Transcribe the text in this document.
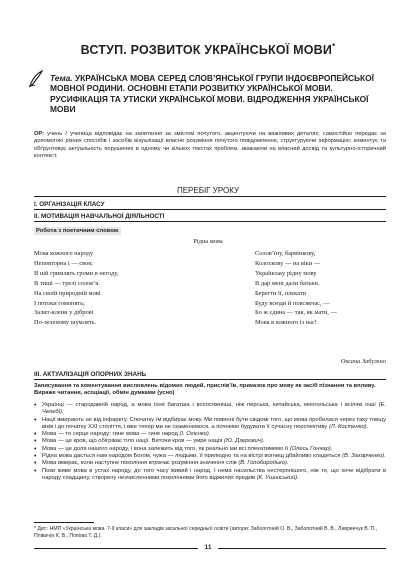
ВСТУП. РОЗВИТОК УКРАЇНСЬКОЇ МОВИ*
Тема. УКРАЇНСЬКА МОВА СЕРЕД СЛОВ’ЯНСЬКОЇ ГРУПИ ІНДОЄВРОПЕЙСЬКОЇ МОВНОЇ РОДИНИ. ОСНОВНІ ЕТАПИ РОЗВИТКУ УКРАЇНСЬКОЇ МОВИ. РУСИФІКАЦІЯ ТА УТИСКИ УКРАЇНСЬКОЇ МОВИ. ВІДРОДЖЕННЯ УКРАЇНСЬКОЇ МОВИ
ОР: учень / ученица відповідає на запитання за змістом почутого, акцентуючи на важливих деталях; самостійно передає за допомогою різних способів і засобів візуалізації власне розуміння почутого повідомлення, структуруючи інформацію; коментує та обґрунтовує актуальність порушених в одному чи кількох текстах проблем, зважаючи на власний досвід та культурно-історичний контекст.
ПЕРЕБІГ УРОКУ
І. ОРГАНІЗАЦІЯ КЛАСУ
ІІ. МОТИВАЦІЯ НАВЧАЛЬНОЇ ДІЯЛЬНОСТІ
Робота з поетичним словом
Рідна мова
Мова кожного народу
Неповторна і — своя;
В ній гримлять громи в негоду,
В тиші — трелі соловʼя.
На своїй природній мові
І потоки гомонять;
Залит-клени у діброві
По-зеленому шумлять.
Солов’їну, барвінкову,
Колоскову — на віки —
Українську рідну мову
В дар мені дали батьки.
Берегти її, плекати
Буду всюди й повсякчас, —
Бо ж єдина — так, як мати, —
Мова в кожного із нас!
Оксана Забужко
ІІІ. АКТУАЛІЗАЦІЯ ОПОРНИХ ЗНАНЬ
Записування та коментування висловлень відомих людей, прислів’їв, приказок про мову як засіб пізнання та впливу. Вираже читання, асоціації, обмін думками (усно)
• Українці — стародавній народ, а мова їхня багатша і всеосяжніша, ніж перська, китайська, монгольська і всілякі інші (Е. Челебі).
• Нації вмирають не від інфаркту. Спочатку їм відбирає мову. Ми повинні бути свідомі того, що мова пробилася через таку товщу віків і до початку ХХІ століття, і вже тепер ми не скаменемося, а почнемо будувати її сучасну перспективу (Л. Костенко).
• Мова — то серце народу: гине мова — гине народ (І. Огієнко).
• Мова — це кров, що обігріває тіло нації. Виточи кров — умре нація (Ю. Дзерович).
• Мова — це доля нашого народу, і вона залежить від того, як реально ми всі плекатимемо її (Олесь Гончар).
• Рідна мова дається нам народом Богом, чужа — людьми, її прилюдно та на вістрі вогнищ дбайливо кладеться (В. Захарченко).
• Мова вмирає, коли наступне покоління втрачає розуміння значення слів (В. Голобородько).
• Поки живе мова в устах народу, до того часу живий і народ. І нема насильства нестерпнішого, ніж те, що хоче відібрати в народу спадщину, створену незчисленними поколіннями його віджилих предків (К. Ушинський).
* Дит.: НМП «Українська мова. 7-9 класи» для закладів загальної середньої освіти (автори: Заболотний О. В., Заболотний В. В., Лавринчук В. П., Плівачук К. В., Попова Т. Д.).
11
